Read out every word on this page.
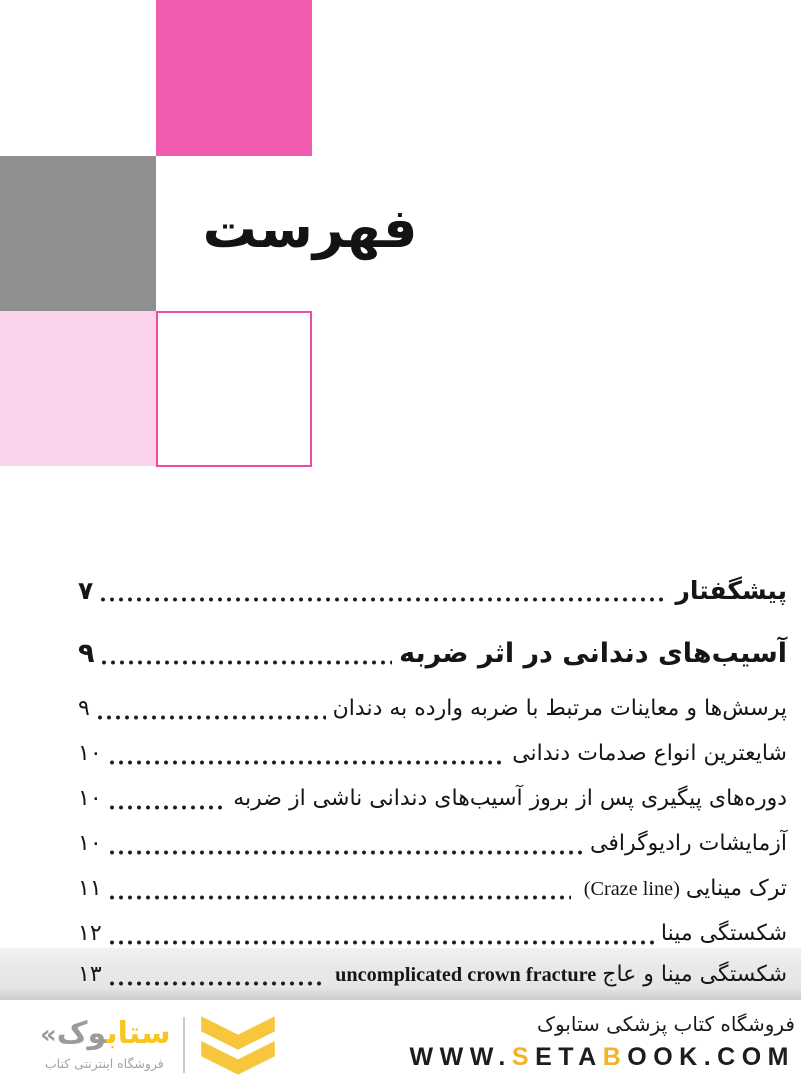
فهرست
پیشگفتار
۷
آسیب‌های دندانی در اثر ضربه
۹
پرسش‌ها و معاینات مرتبط با ضربه وارده به دندان
۹
شایعترین انواع صدمات دندانی
۱۰
دوره‌های پیگیری پس از بروز آسیب‌های دندانی ناشی از ضربه
۱۰
آزمایشات رادیوگرافی
۱۰
ترک مینایی(Craze line)
۱۱
شکستگی مینا
۱۲
شکستگی مینا و عاجuncomplicated crown fracture
۱۳
ستابوک«
فروشگاه اینترنتی کتاب
فروشگاه کتاب پزشکی ستابوک
WWW.SETABOOK.COM
